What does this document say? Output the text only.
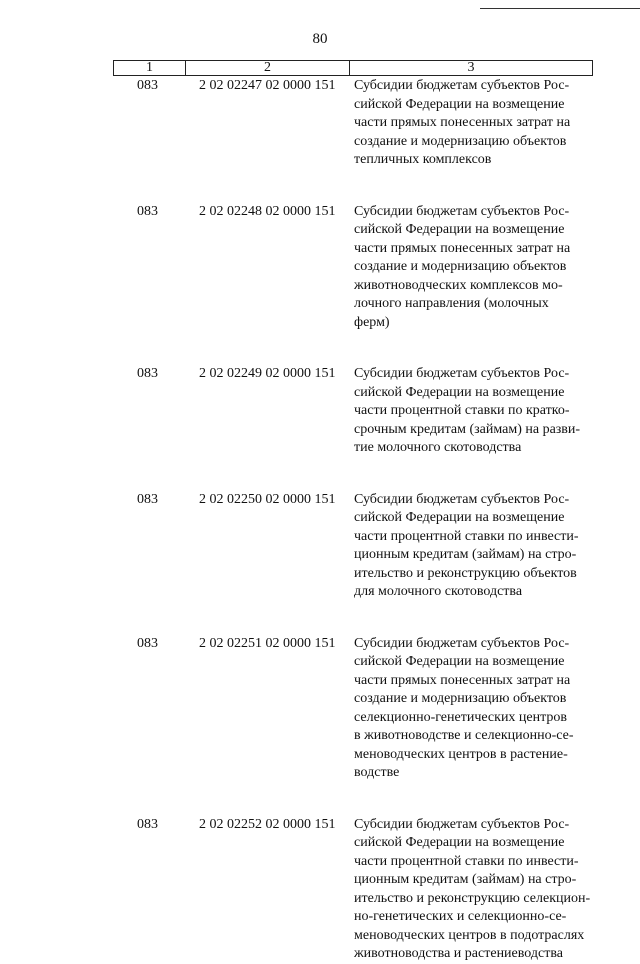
80
1	2	3
083	2 02 02247 02 0000 151 Субсидии бюджетам субъектов Рос-
сийской Федерации на возмещение
части прямых понесенных затрат на
создание и модернизацию объектов
тепличных комплексов
083	2 02 02248 02 0000 151 Субсидии бюджетам субъектов Рос-
сийской Федерации на возмещение
части прямых понесенных затрат на
создание и модернизацию объектов
животноводческих комплексов мо-
лочного направления (молочных
ферм)
083	2 02 02249 02 0000 151 Субсидии бюджетам субъектов Рос-
сийской Федерации на возмещение
части процентной ставки по кратко-
срочным кредитам (займам) на разви-
тие молочного скотоводства
083	2 02 02250 02 0000 151 Субсидии бюджетам субъектов Рос-
сийской Федерации на возмещение
части процентной ставки по инвести-
ционным кредитам (займам) на стро-
ительство и реконструкцию объектов
для молочного скотоводства
083	2 02 02251 02 0000 151 Субсидии бюджетам субъектов Рос-
сийской Федерации на возмещение
части прямых понесенных затрат на
создание и модернизацию объектов
селекционно-генетических центров
в животноводстве и селекционно-се-
меноводческих центров в растение-
водстве
083	2 02 02252 02 0000 151 Субсидии бюджетам субъектов Рос-
сийской Федерации на возмещение
части процентной ставки по инвести-
ционным кредитам (займам) на стро-
ительство и реконструкцию селекцион-
но-генетических и селекционно-се-
меноводческих центров в подотраслях
животноводства и растениеводства
